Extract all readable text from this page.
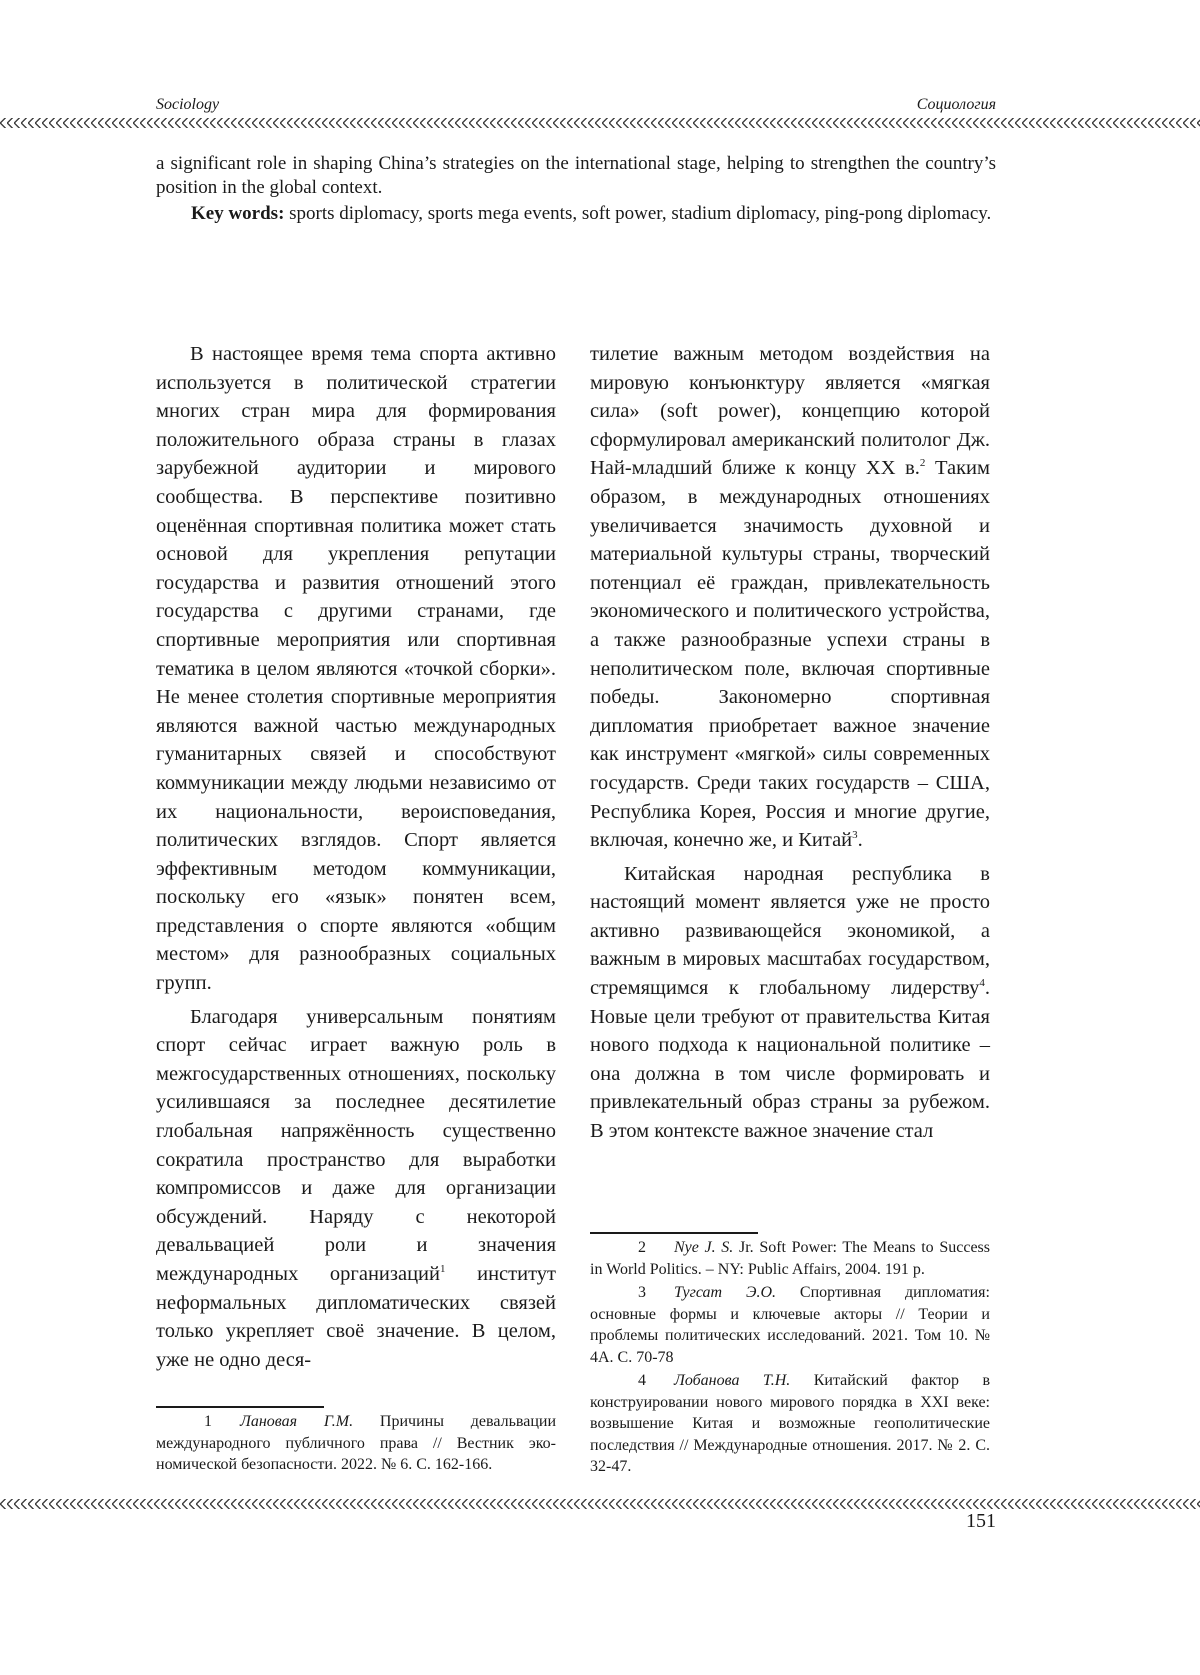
Sociology	Социология

a significant role in shaping China’s strategies on the international stage, helping to strengthen the country’s position in the global context.

Key words: sports diplomacy, sports mega events, soft power, stadium diplomacy, ping-pong diplomacy.

В настоящее время тема спорта активно используется в политической стратегии многих стран мира для формирования положительного образа страны в глазах зарубежной аудитории и мирового сообщества. В перспективе позитивно оценённая спортивная политика может стать основой для укрепления репутации государства и развития отношений этого государства с другими странами, где спортивные мероприятия или спортивная тематика в целом являются «точкой сборки». Не менее столетия спортивные мероприятия являются важной частью международных гуманитарных связей и способствуют коммуникации между людьми независимо от их национальности, вероисповедания, политических взглядов. Спорт является эффективным методом коммуникации, поскольку его «язык» понятен всем, представления о спорте являются «общим местом» для разнообразных социальных групп.

Благодаря универсальным понятиям спорт сейчас играет важную роль в межгосударственных отношениях, поскольку усилившаяся за последнее десятилетие глобальная напряжённость существенно сократила пространство для выработки компромиссов и даже для организации обсуждений. Наряду с некоторой девальвацией роли и значения международных организаций$^1$ институт неформальных дипломатических связей только укрепляет своё значение. В целом, уже не одно деся-

тилетие важным методом воздействия на мировую конъюнктуру является «мягкая сила» (soft power), концепцию которой сформулировал американский политолог Дж. Най-младший ближе к концу XX в.$^2$ Таким образом, в международных отношениях увеличивается значимость духовной и материальной культуры страны, творческий потенциал её граждан, привлекательность экономического и политического устройства, а также разнообразные успехи страны в неполитическом поле, включая спортивные победы. Закономерно спортивная дипломатия приобретает важное значение как инструмент «мягкой» силы современных государств. Среди таких государств – США, Республика Корея, Россия и многие другие, включая, конечно же, и Китай$^3$.

Китайская народная республика в настоящий момент является уже не просто активно развивающейся экономикой, а важным в мировых масштабах государством, стремящимся к глобальному лидерству$^4$. Новые цели требуют от правительства Китая нового подхода к национальной политике – она должна в том числе формировать и привлекательный образ страны за рубежом. В этом контексте важное значение стал

1 Лановая Г.М. Причины девальвации международного публичного права // Вестник экономической безопасности. 2022. № 6. С. 162-166.

2 Nye J. S. Jr. Soft Power: The Means to Success in World Politics. – NY: Public Affairs, 2004. 191 p.

3 Тугсат Э.О. Спортивная дипломатия: основные формы и ключевые акторы // Теории и проблемы политических исследований. 2021. Том 10. № 4А. С. 70-78

4 Лобанова Т.Н. Китайский фактор в конструировании нового мирового порядка в XXI веке: возвышение Китая и возможные геополитические последствия // Международные отношения. 2017. № 2. С. 32-47.

151
